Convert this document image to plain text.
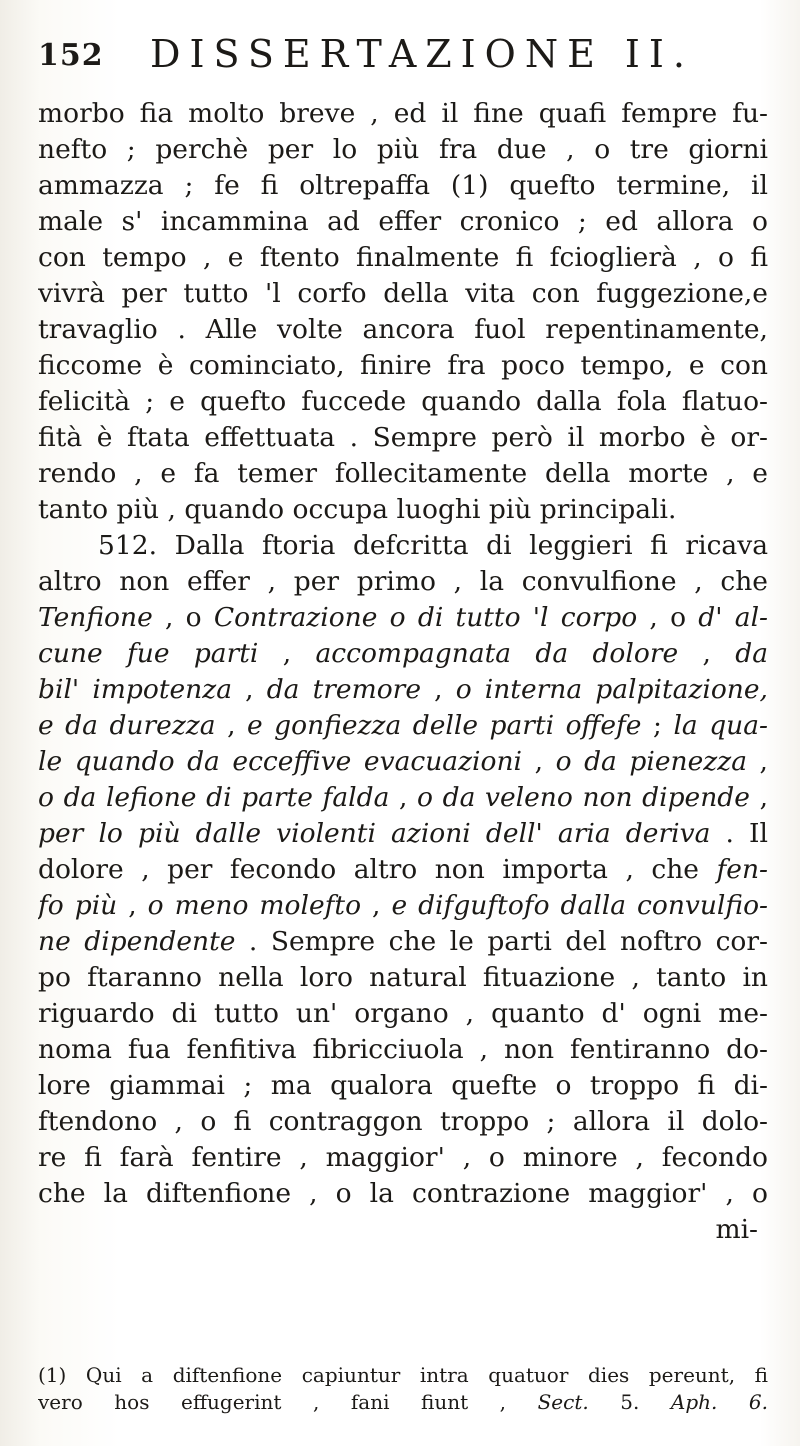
152 DISSERTAZIONE II.
morbo fia molto breve , ed il fine quafi fempre fu-
nefto ; perchè per lo più fra due , o tre giorni
ammazza ; fe fi oltrepaffa (1) quefto termine, il
male s' incammina ad effer cronico ; ed allora o
con tempo , e ftento finalmente fi fcioglierà , o fi
vivrà per tutto 'l corfo della vita con fuggezione,e
travaglio . Alle volte ancora fuol repentinamente,
ficcome è cominciato, finire fra poco tempo, e con
felicità ; e quefto fuccede quando dalla fola flatuo-
fità è ftata effettuata . Sempre però il morbo è or-
rendo , e fa temer follecitamente della morte , e
tanto più , quando occupa luoghi più principali.
512. Dalla ftoria defcritta di leggieri fi ricava
altro non effer , per primo , la convulfione , che
Tenfione , o Contrazione o di tutto 'l corpo , o d' al-
cune fue parti , accompagnata da dolore , da
bil' impotenza , da tremore , o interna palpitazione,
e da durezza , e gonfiezza delle parti offefe ; la qua-
le quando da ecceffive evacuazioni , o da pienezza ,
o da lefione di parte falda , o da veleno non dipende ,
per lo più dalle violenti azioni dell' aria deriva . Il
dolore , per fecondo altro non importa , che fen-
fo più , o meno molefto , e difguftofo dalla convulfio-
ne dipendente . Sempre che le parti del noftro cor-
po ftaranno nella loro natural fituazione , tanto in
riguardo di tutto un' organo , quanto d' ogni me-
noma fua fenfitiva fibricciuola , non fentiranno do-
lore giammai ; ma qualora quefte o troppo fi di-
ftendono , o fi contraggon troppo ; allora il dolo-
re fi farà fentire , maggior' , o minore , fecondo
che la diftenfione , o la contrazione maggior' , o
mi-
(1) Qui a diftenfione capiuntur intra quatuor dies pereunt, fi
vero hos effugerint , fani fiunt , Sect. 5. Aph. 6.
